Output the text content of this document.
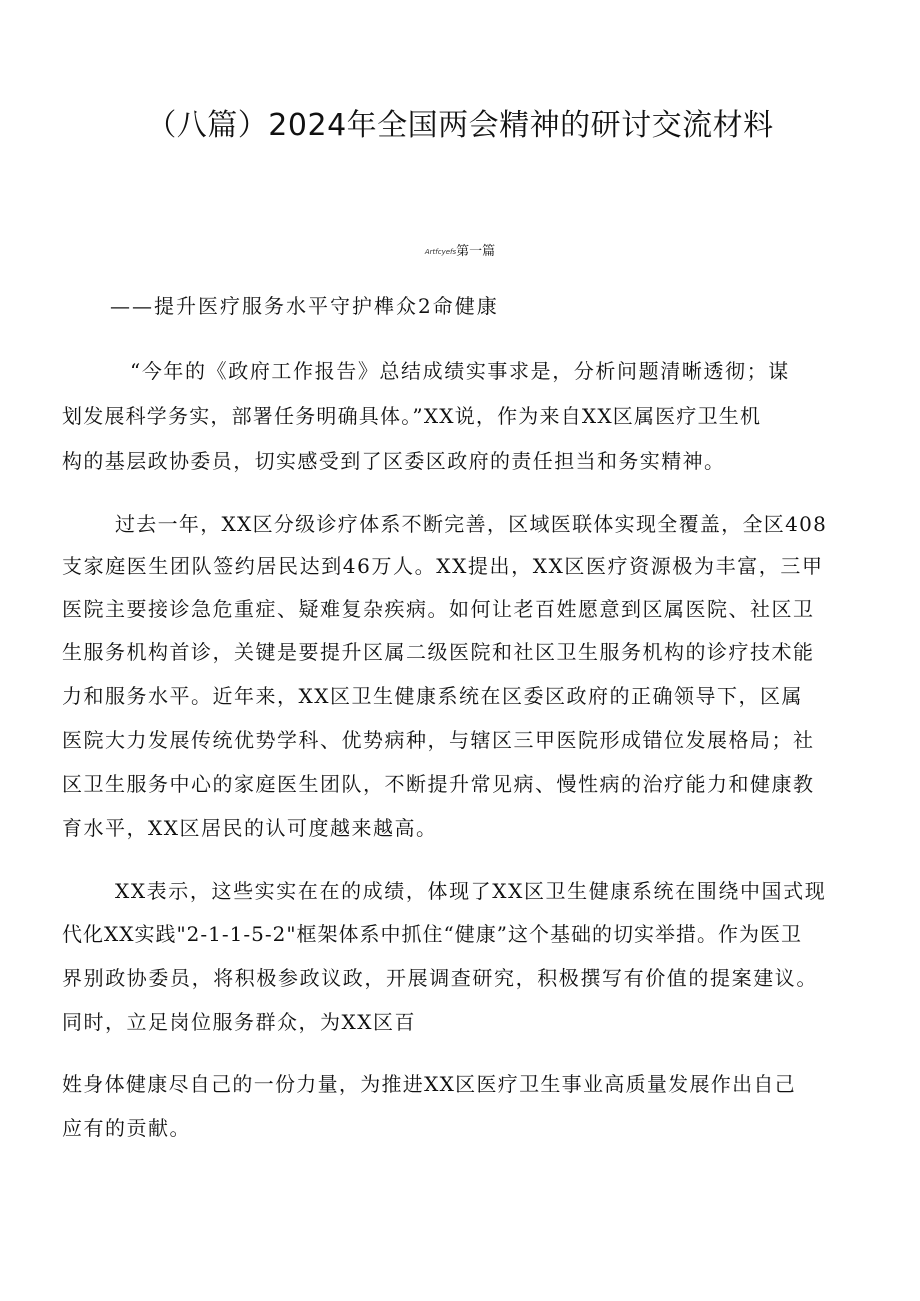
（八篇）2024年全国两会精神的研讨交流材料
Artfcyefs第一篇
——提升医疗服务水平守护榫众2命健康
“今年的《政府工作报告》总结成绩实事求是，分析问题清晰透彻；谋
划发展科学务实，部署任务明确具体。”XX说，作为来自XX区属医疗卫生机
构的基层政协委员，切实感受到了区委区政府的责任担当和务实精神。
过去一年，XX区分级诊疗体系不断完善，区域医联体实现全覆盖，全区408
支家庭医生团队签约居民达到46万人。XX提出，XX区医疗资源极为丰富，三甲
医院主要接诊急危重症、疑难复杂疾病。如何让老百姓愿意到区属医院、社区卫
生服务机构首诊，关键是要提升区属二级医院和社区卫生服务机构的诊疗技术能
力和服务水平。近年来，XX区卫生健康系统在区委区政府的正确领导下，区属
医院大力发展传统优势学科、优势病种，与辖区三甲医院形成错位发展格局；社
区卫生服务中心的家庭医生团队，不断提升常见病、慢性病的治疗能力和健康教
育水平，XX区居民的认可度越来越高。
XX表示，这些实实在在的成绩，体现了XX区卫生健康系统在围绕中国式现
代化XX实践"2-1-1-5-2"框架体系中抓住“健康”这个基础的切实举措。作为医卫
界别政协委员，将积极参政议政，开展调查研究，积极撰写有价值的提案建议。
同时，立足岗位服务群众，为XX区百
姓身体健康尽自己的一份力量，为推进XX区医疗卫生事业高质量发展作出自己
应有的贡献。
